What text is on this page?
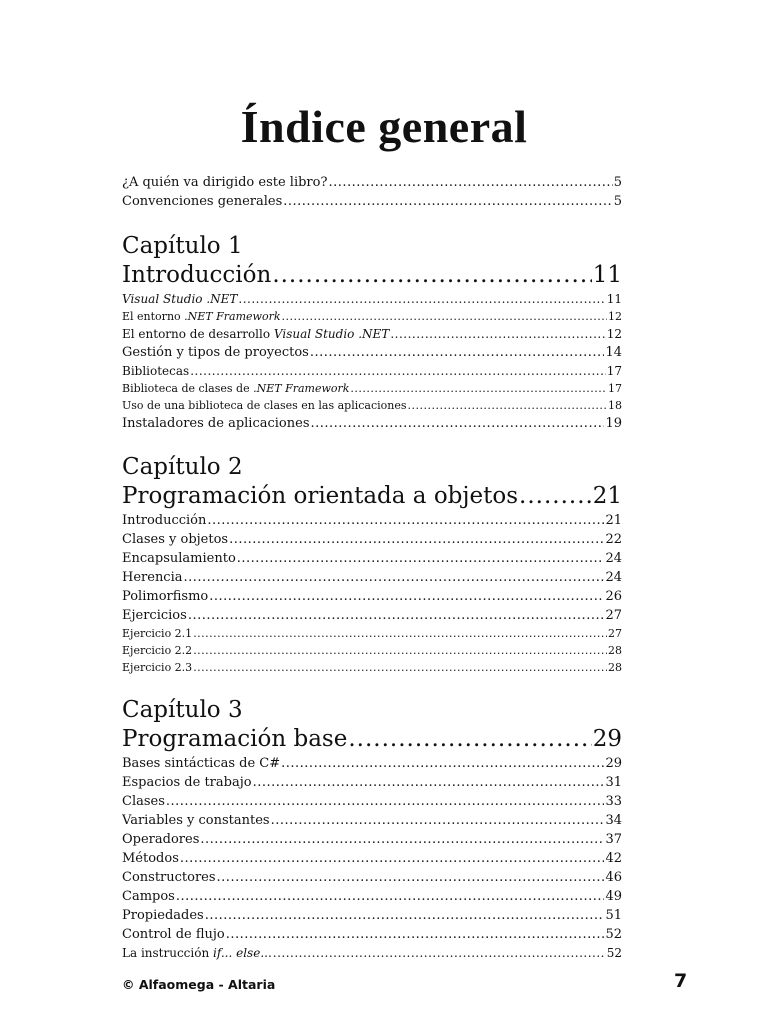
Índice general
¿A quién va dirigido este libro? .....	5
Convenciones generales .....	5
Capítulo 1
Introducción .....	11
Visual Studio .NET .....	11
El entorno .NET Framework .....	12
El entorno de desarrollo Visual Studio .NET .....	12
Gestión y tipos de proyectos .....	14
Bibliotecas .....	17
Biblioteca de clases de .NET Framework .....	17
Uso de una biblioteca de clases en las aplicaciones .....	18
Instaladores de aplicaciones .....	19
Capítulo 2
Programación orientada a objetos .....	21
Introducción .....	21
Clases y objetos .....	22
Encapsulamiento .....	24
Herencia .....	24
Polimorfismo .....	26
Ejercicios .....	27
Ejercicio 2.1 .....	27
Ejercicio 2.2 .....	28
Ejercicio 2.3 .....	28
Capítulo 3
Programación base .....	29
Bases sintácticas de C# .....	29
Espacios de trabajo .....	31
Clases .....	33
Variables y constantes .....	34
Operadores .....	37
Métodos .....	42
Constructores .....	46
Campos .....	49
Propiedades .....	51
Control de flujo .....	52
La instrucción if... else... .....	52
© Alfaomega - Altaria	7
